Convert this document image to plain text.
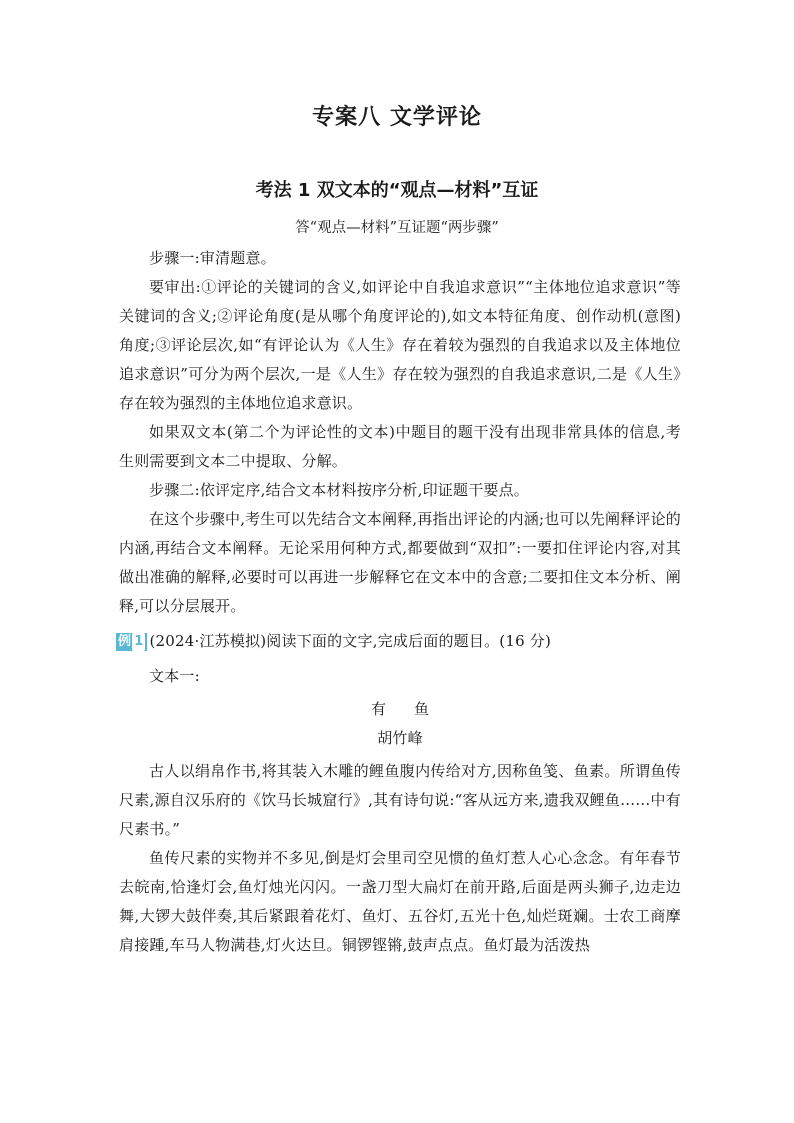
专案八 文学评论
考法 1 双文本的“观点—材料”互证
答“观点—材料”互证题“两步骤”

步骤一:审清题意。

要审出:①评论的关键词的含义,如评论中自我追求意识”“主体地位追求意识”等关键词的含义;②评论角度(是从哪个角度评论的),如文本特征角度、创作动机(意图)角度;③评论层次,如“有评论认为《人生》存在着较为强烈的自我追求以及主体地位追求意识”可分为两个层次,一是《人生》存在较为强烈的自我追求意识,二是《人生》存在较为强烈的主体地位追求意识。

如果双文本(第二个为评论性的文本)中题目的题干没有出现非常具体的信息,考生则需要到文本二中提取、分解。

步骤二:依评定序,结合文本材料按序分析,印证题干要点。

在这个步骤中,考生可以先结合文本阐释,再指出评论的内涵;也可以先阐释评论的内涵,再结合文本阐释。无论采用何种方式,都要做到“双扣”:一要扣住评论内容,对其做出准确的解释,必要时可以再进一步解释它在文本中的含意;二要扣住文本分析、阐释,可以分层展开。

例 1 (2024·江苏模拟)阅读下面的文字,完成后面的题目。(16 分)

文本一:

有鱼

胡竹峰

古人以绢帛作书,将其装入木雕的鲤鱼腹内传给对方,因称鱼笺、鱼素。所谓鱼传尺素,源自汉乐府的《饮马长城窟行》,其有诗句说:“客从远方来,遗我双鲤鱼……中有尺素书。”

鱼传尺素的实物并不多见,倒是灯会里司空见惯的鱼灯惹人心心念念。有年春节去皖南,恰逢灯会,鱼灯烛光闪闪。一盏刀型大扁灯在前开路,后面是两头狮子,边走边舞,大锣大鼓伴奏,其后紧跟着花灯、鱼灯、五谷灯,五光十色,灿烂斑斓。士农工商摩肩接踵,车马人物满巷,灯火达旦。铜锣铿锵,鼓声点点。鱼灯最为活泼热
